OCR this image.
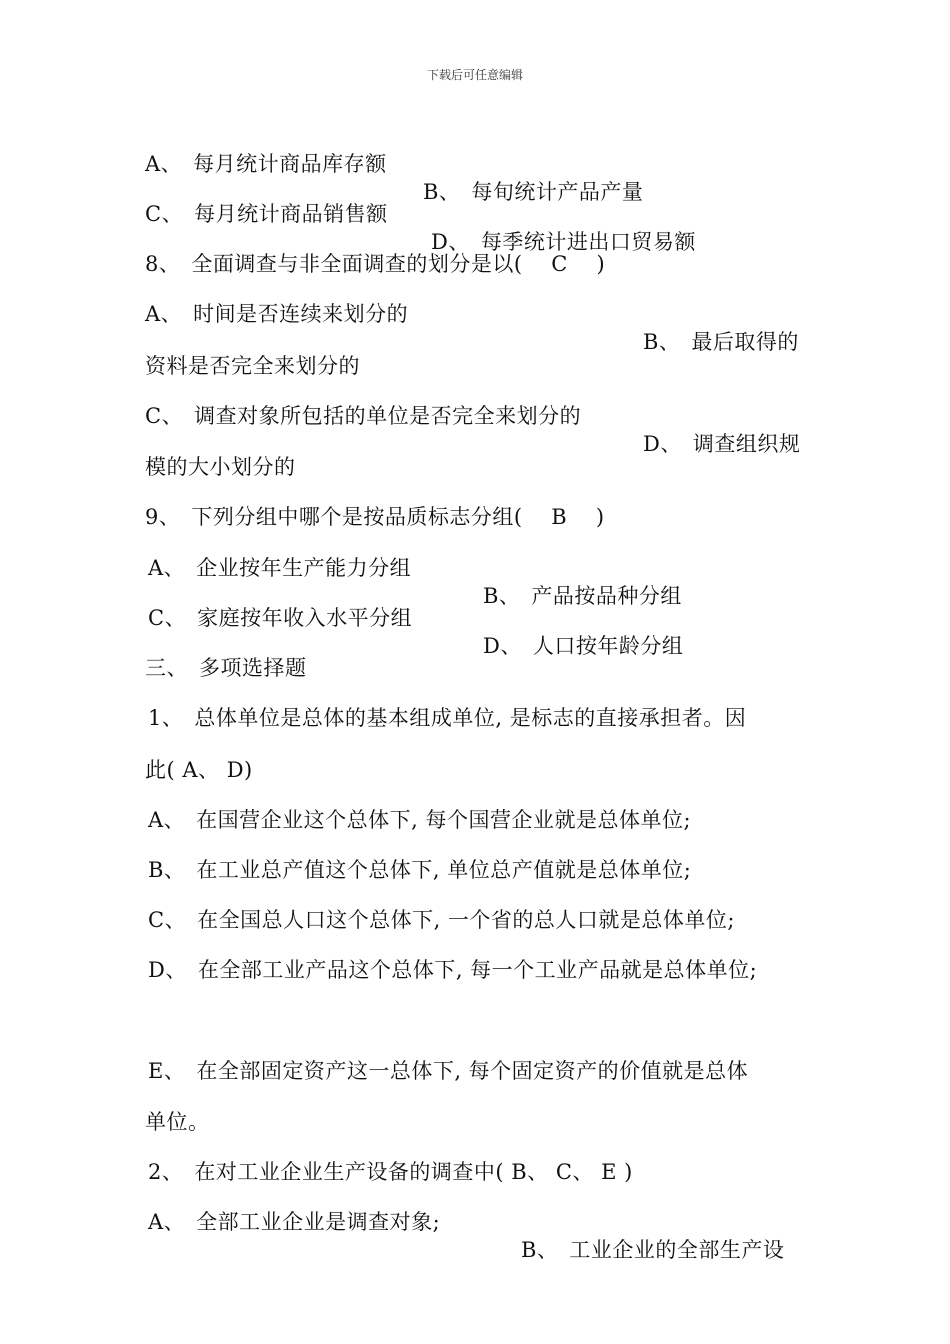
下载后可任意编辑

A、　每月统计商品库存额

B、　每旬统计产品产量

C、　每月统计商品销售额

D、　每季统计进出口贸易额

8、　全面调查与非全面调查的划分是以(　 C　 )

A、　时间是否连续来划分的

B、　最后取得的

资料是否完全来划分的

C、　调查对象所包括的单位是否完全来划分的

D、　调查组织规

模的大小划分的

9、　下列分组中哪个是按品质标志分组(　 B　 )

A、　企业按年生产能力分组

B、　产品按品种分组

C、　家庭按年收入水平分组

D、　人口按年龄分组

三、　多项选择题

1、　总体单位是总体的基本组成单位, 是标志的直接承担者。因

此( A、 D)

A、　在国营企业这个总体下, 每个国营企业就是总体单位;

B、　在工业总产值这个总体下, 单位总产值就是总体单位;

C、　在全国总人口这个总体下, 一个省的总人口就是总体单位;

D、　在全部工业产品这个总体下, 每一个工业产品就是总体单位;

E、　在全部固定资产这一总体下, 每个固定资产的价值就是总体

单位。

2、　在对工业企业生产设备的调查中( B、 C、 E )

A、　全部工业企业是调查对象;

B、　工业企业的全部生产设
